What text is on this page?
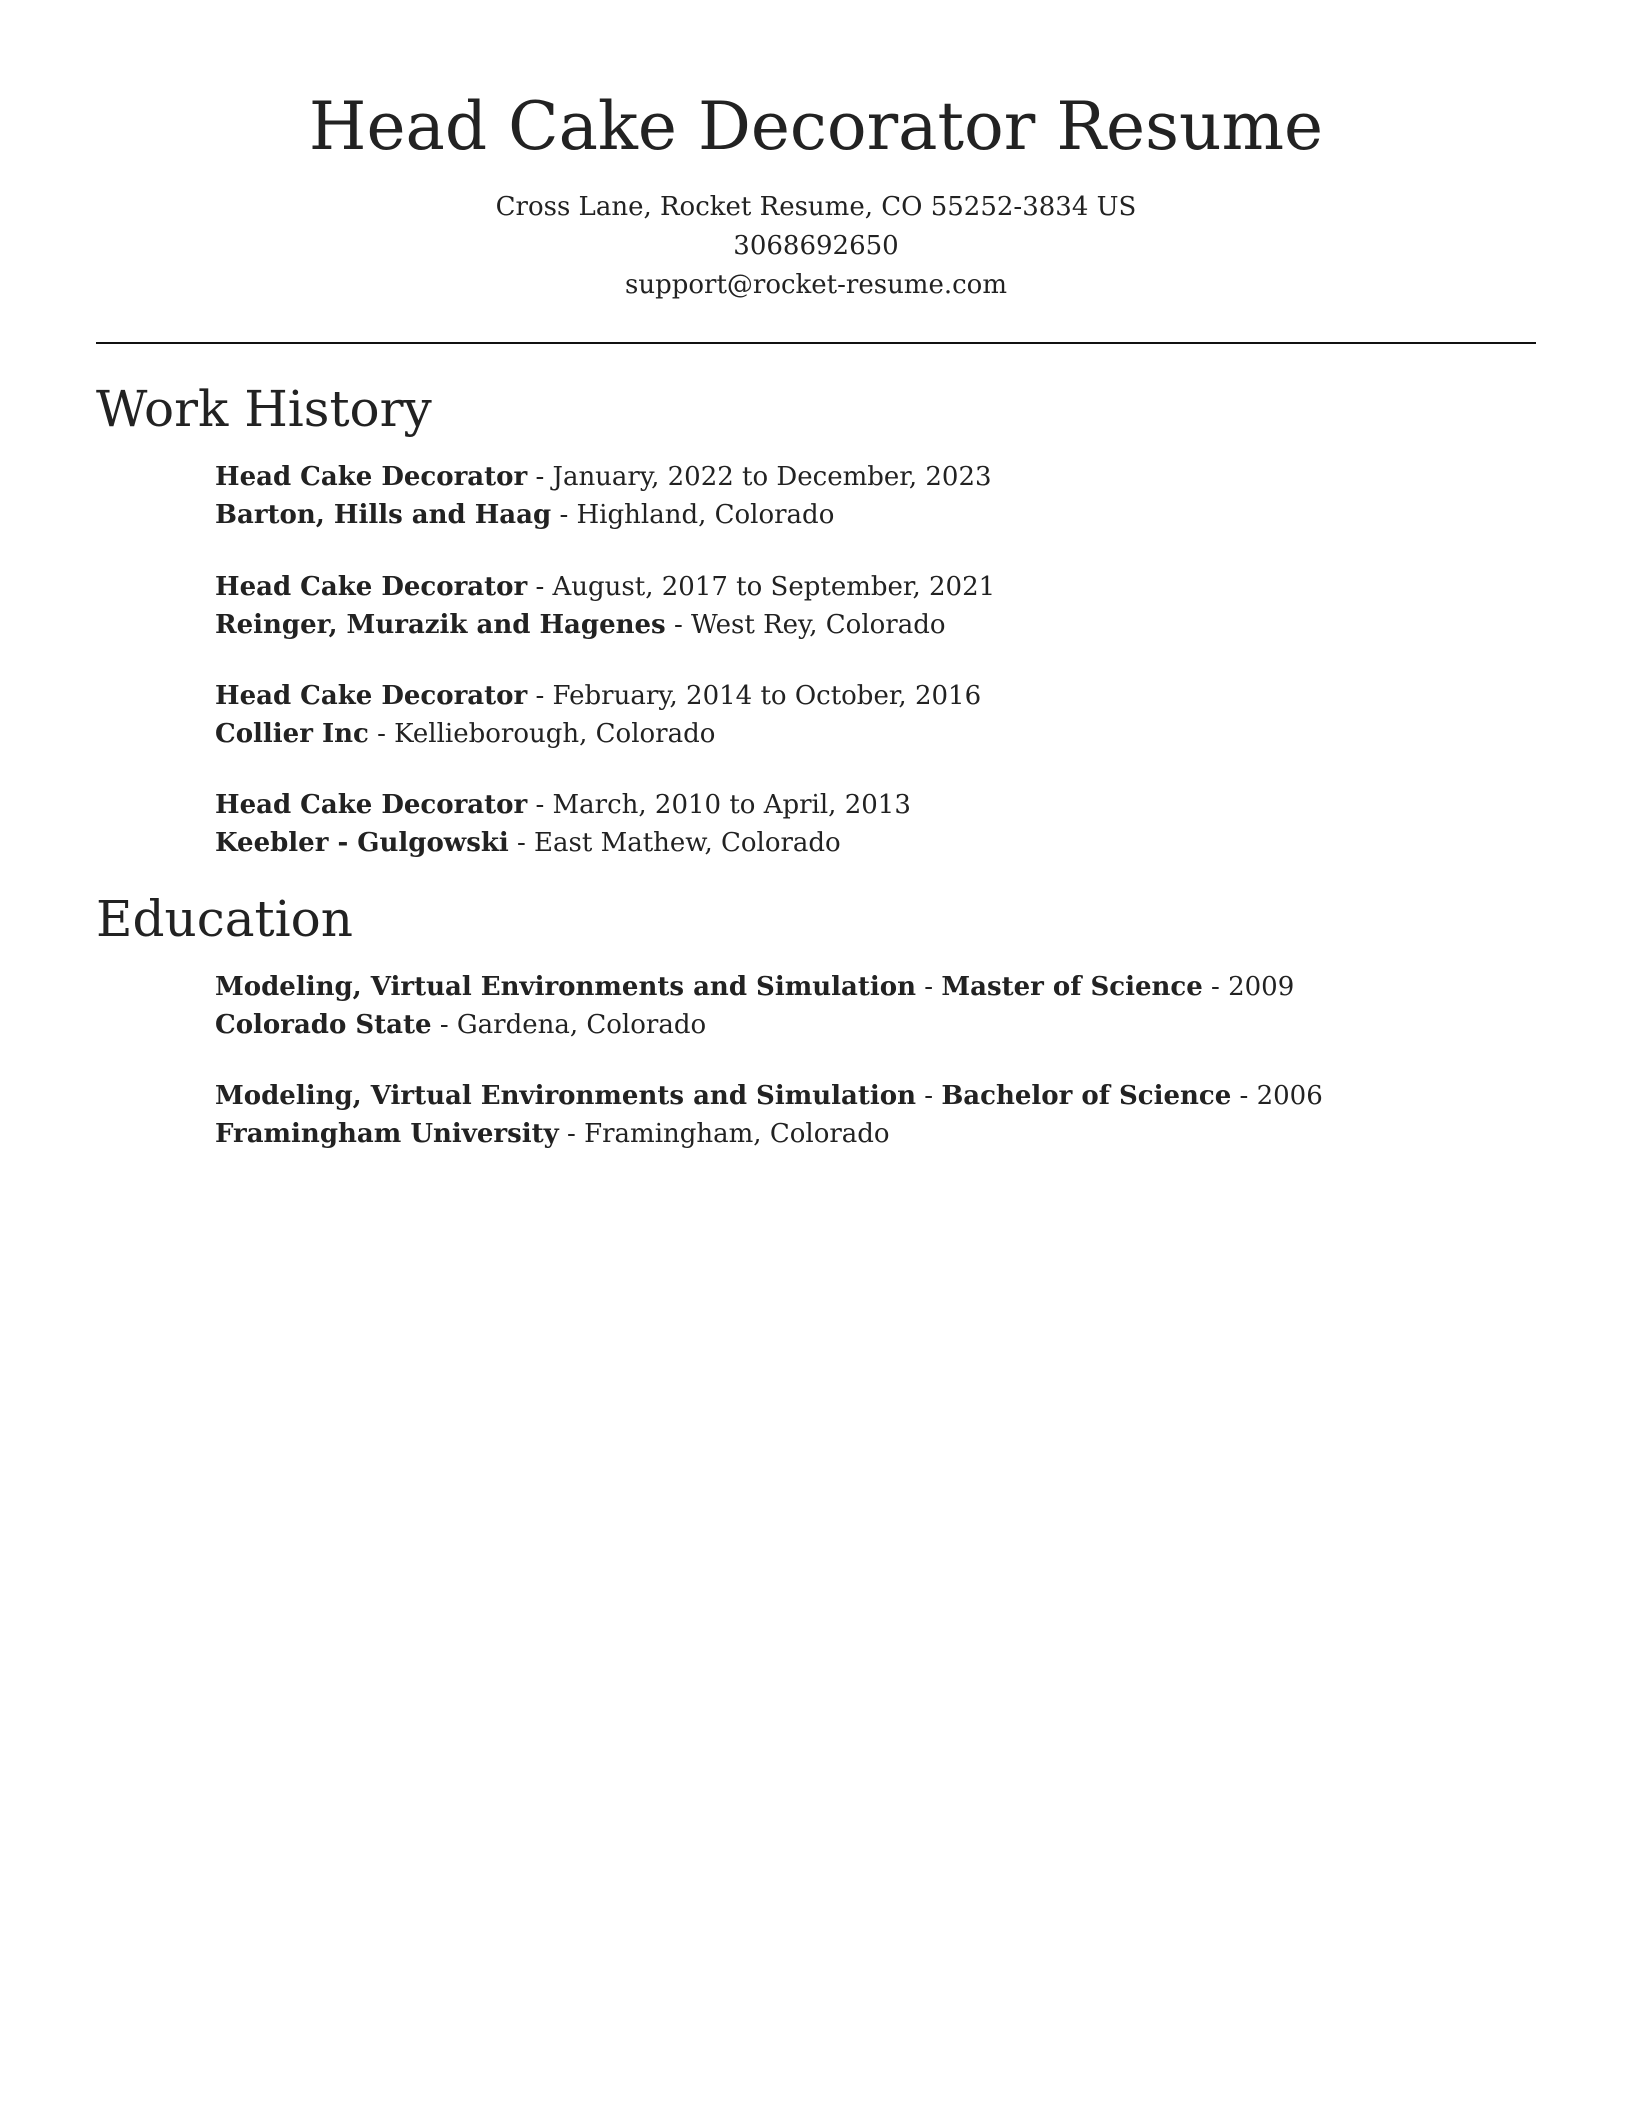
Head Cake Decorator Resume
Cross Lane, Rocket Resume, CO 55252-3834 US
3068692650
support@rocket-resume.com
Work History
Head Cake Decorator - January, 2022 to December, 2023
Barton, Hills and Haag - Highland, Colorado
Head Cake Decorator - August, 2017 to September, 2021
Reinger, Murazik and Hagenes - West Rey, Colorado
Head Cake Decorator - February, 2014 to October, 2016
Collier Inc - Kellieborough, Colorado
Head Cake Decorator - March, 2010 to April, 2013
Keebler - Gulgowski - East Mathew, Colorado
Education
Modeling, Virtual Environments and Simulation - Master of Science - 2009
Colorado State - Gardena, Colorado
Modeling, Virtual Environments and Simulation - Bachelor of Science - 2006
Framingham University - Framingham, Colorado
